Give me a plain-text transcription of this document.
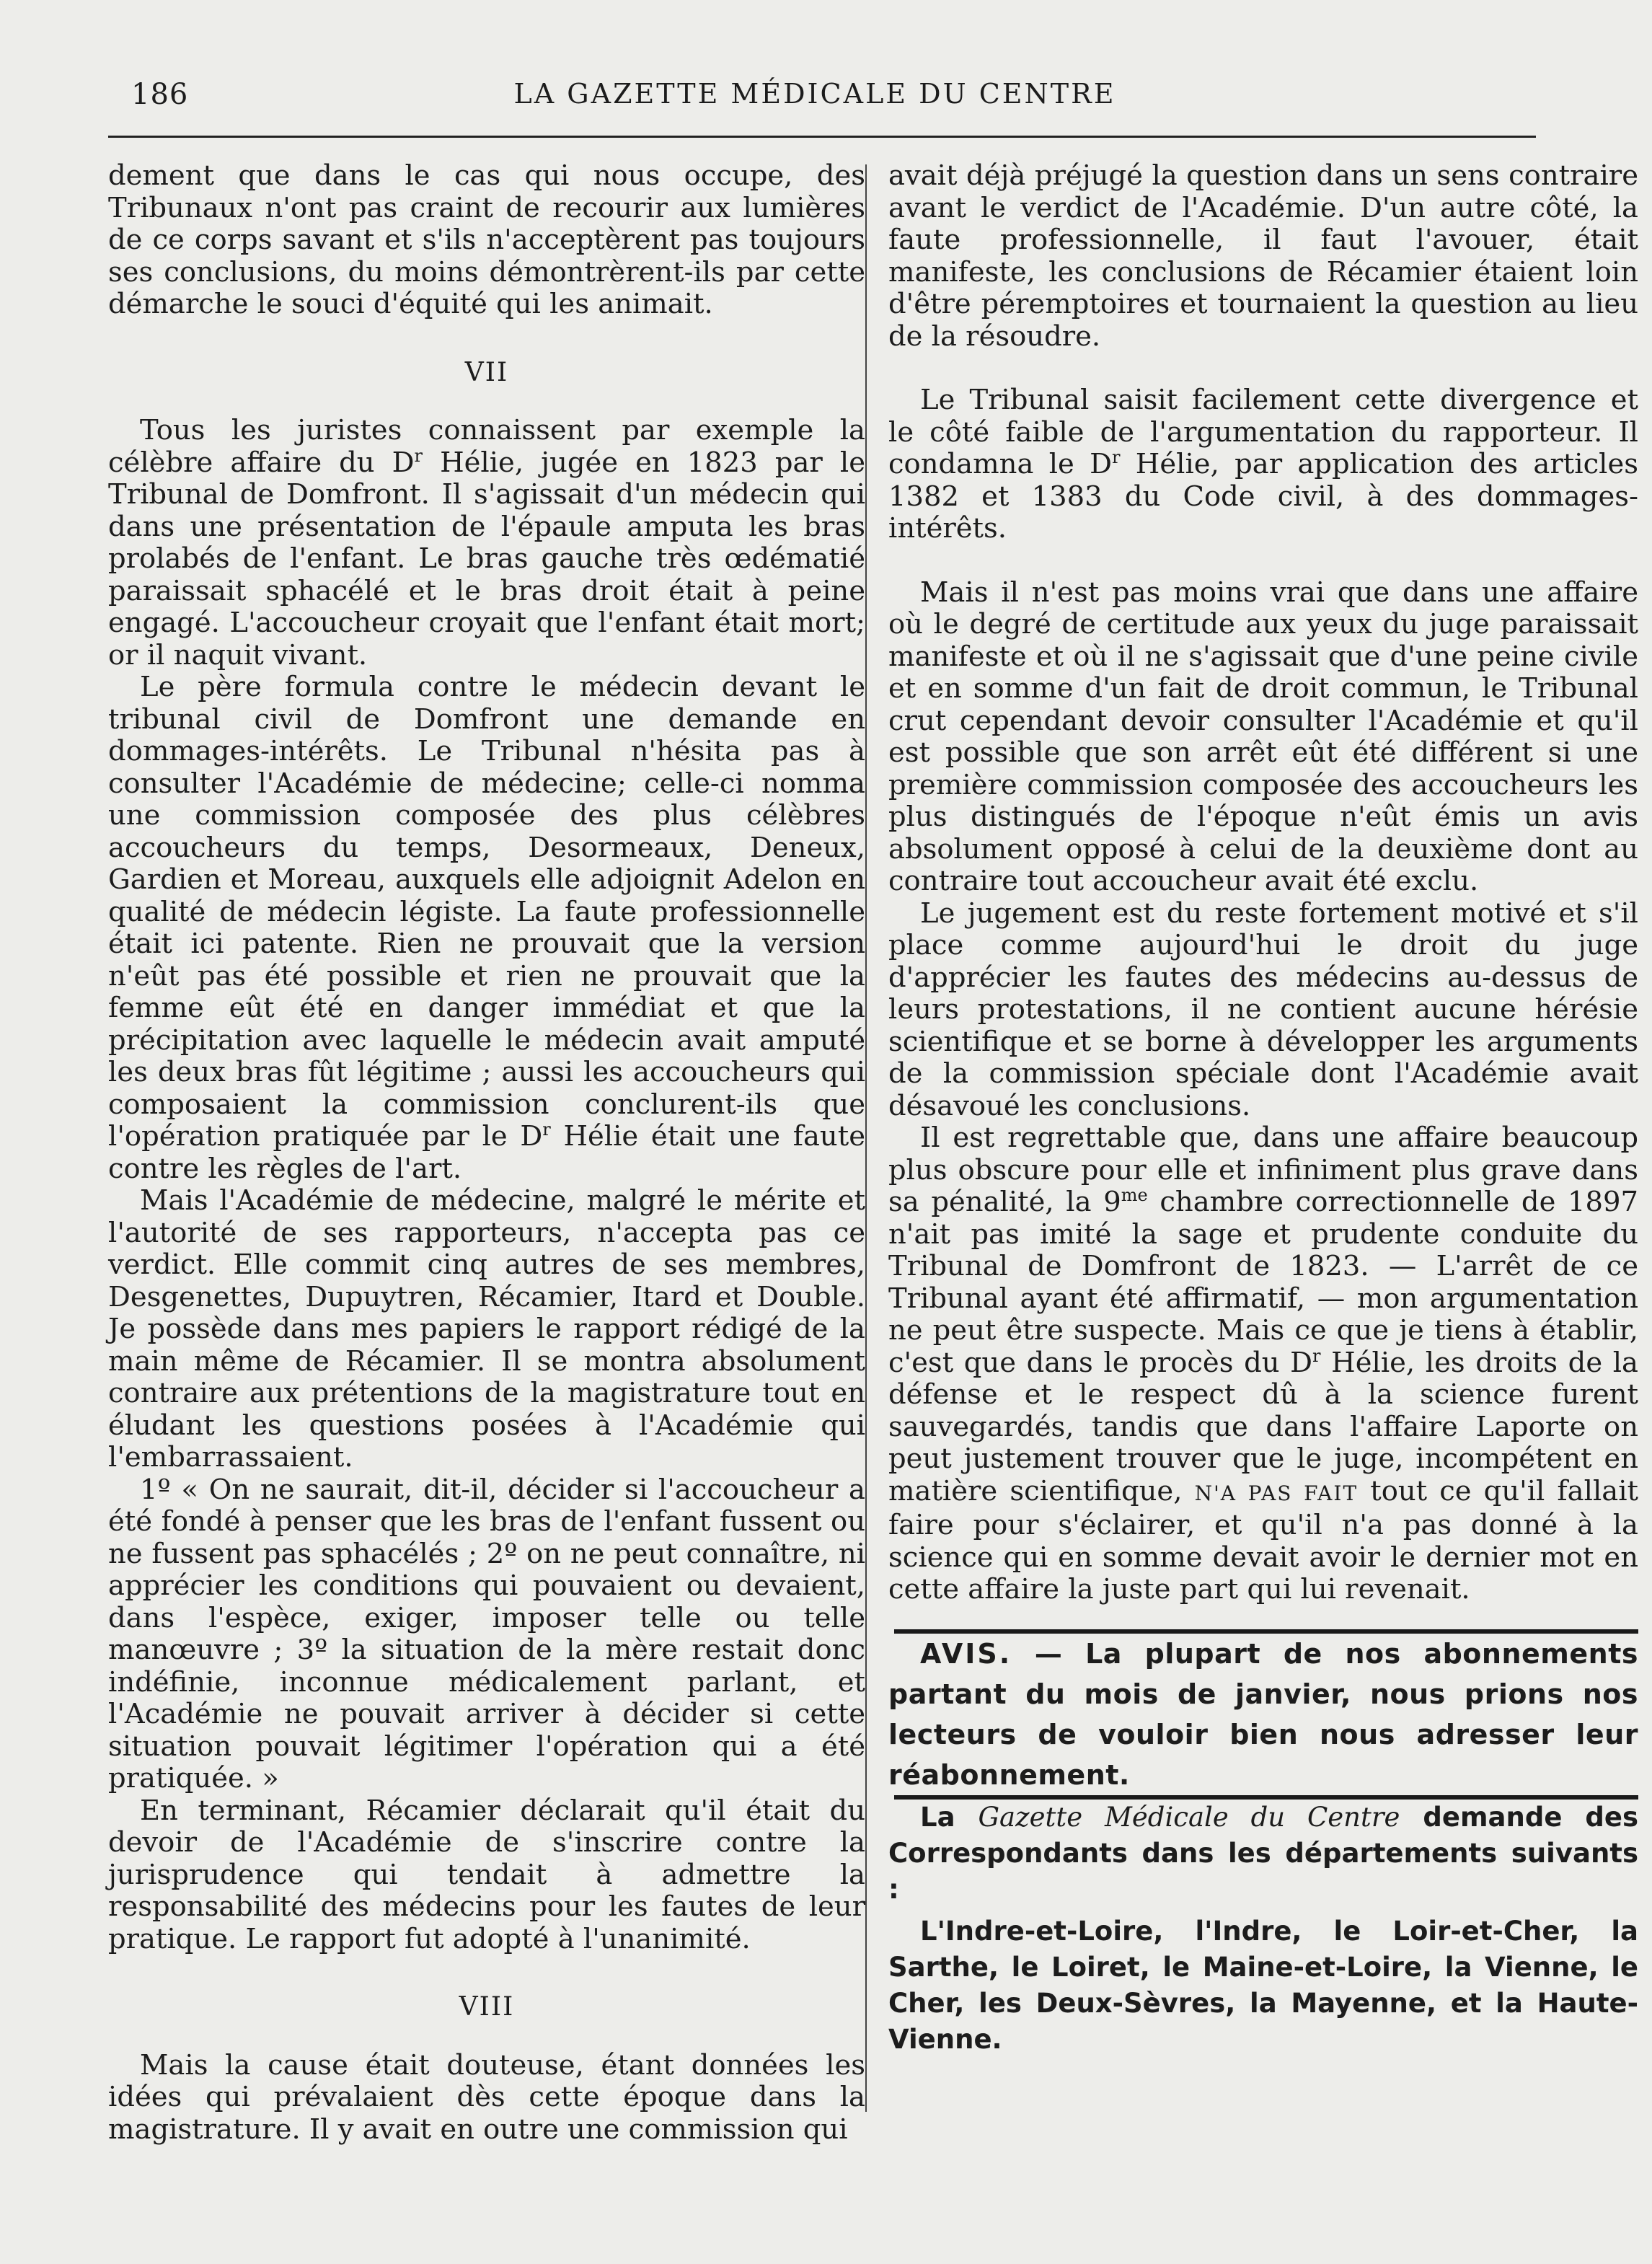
186	LA GAZETTE MÉDICALE DU CENTRE

dement que dans le cas qui nous occupe, des Tribunaux n'ont pas craint de recourir aux lumières de ce corps savant et s'ils n'acceptèrent pas toujours ses conclusions, du moins démontrèrent-ils par cette démarche le souci d'équité qui les animait.

VII

Tous les juristes connaissent par exemple la célèbre affaire du $D^r$ Hélie, jugée en 1823 par le Tribunal de Domfront. Il s'agissait d'un médecin qui dans une présentation de l'épaule amputa les bras prolabés de l'enfant. Le bras gauche très œdématié paraissait sphacélé et le bras droit était à peine engagé. L'accoucheur croyait que l'enfant était mort; or il naquit vivant.

Le père formula contre le médecin devant le tribunal civil de Domfront une demande en dommages-intérêts. Le Tribunal n'hésita pas à consulter l'Académie de médecine; celle-ci nomma une commission composée des plus célèbres accoucheurs du temps, Desormeaux, Deneux, Gardien et Moreau, auxquels elle adjoignit Adelon en qualité de médecin légiste. La faute professionnelle était ici patente. Rien ne prouvait que la version n'eût pas été possible et rien ne prouvait que la femme eût été en danger immédiat et que la précipitation avec laquelle le médecin avait amputé les deux bras fût légitime ; aussi les accoucheurs qui composaient la commission conclurent-ils que l'opération pratiquée par le $D^r$ Hélie était une faute contre les règles de l'art.

Mais l'Académie de médecine, malgré le mérite et l'autorité de ses rapporteurs, n'accepta pas ce verdict. Elle commit cinq autres de ses membres, Desgenettes, Dupuytren, Récamier, Itard et Double. Je possède dans mes papiers le rapport rédigé de la main même de Récamier. Il se montra absolument contraire aux prétentions de la magistrature tout en éludant les questions posées à l'Académie qui l'embarrassaient.

1º « On ne saurait, dit-il, décider si l'accoucheur a été fondé à penser que les bras de l'enfant fussent ou ne fussent pas sphacélés ; 2º on ne peut connaître, ni apprécier les conditions qui pouvaient ou devaient, dans l'espèce, exiger, imposer telle ou telle manœuvre ; 3º la situation de la mère restait donc indéfinie, inconnue médicalement parlant, et l'Académie ne pouvait arriver à décider si cette situation pouvait légitimer l'opération qui a été pratiquée. »

En terminant, Récamier déclarait qu'il était du devoir de l'Académie de s'inscrire contre la jurisprudence qui tendait à admettre la responsabilité des médecins pour les fautes de leur pratique. Le rapport fut adopté à l'unanimité.

VIII

Mais la cause était douteuse, étant données les idées qui prévalaient dès cette époque dans la magistrature. Il y avait en outre une commission qui

avait déjà préjugé la question dans un sens contraire avant le verdict de l'Académie. D'un autre côté, la faute professionnelle, il faut l'avouer, était manifeste, les conclusions de Récamier étaient loin d'être péremptoires et tournaient la question au lieu de la résoudre.

Le Tribunal saisit facilement cette divergence et le côté faible de l'argumentation du rapporteur. Il condamna le $D^r$ Hélie, par application des articles 1382 et 1383 du Code civil, à des dommages-intérêts.

Mais il n'est pas moins vrai que dans une affaire où le degré de certitude aux yeux du juge paraissait manifeste et où il ne s'agissait que d'une peine civile et en somme d'un fait de droit commun, le Tribunal crut cependant devoir consulter l'Académie et qu'il est possible que son arrêt eût été différent si une première commission composée des accoucheurs les plus distingués de l'époque n'eût émis un avis absolument opposé à celui de la deuxième dont au contraire tout accoucheur avait été exclu.

Le jugement est du reste fortement motivé et s'il place comme aujourd'hui le droit du juge d'apprécier les fautes des médecins au-dessus de leurs protestations, il ne contient aucune hérésie scientifique et se borne à développer les arguments de la commission spéciale dont l'Académie avait désavoué les conclusions.

Il est regrettable que, dans une affaire beaucoup plus obscure pour elle et infiniment plus grave dans sa pénalité, la $9^{me}$ chambre correctionnelle de 1897 n'ait pas imité la sage et prudente conduite du Tribunal de Domfront de 1823. — L'arrêt de ce Tribunal ayant été affirmatif, — mon argumentation ne peut être suspecte. Mais ce que je tiens à établir, c'est que dans le procès du $D^r$ Hélie, les droits de la défense et le respect dû à la science furent sauvegardés, tandis que dans l'affaire Laporte on peut justement trouver que le juge, incompétent en matière scientifique, N'A PAS FAIT tout ce qu'il fallait faire pour s'éclairer, et qu'il n'a pas donné à la science qui en somme devait avoir le dernier mot en cette affaire la juste part qui lui revenait.

AVIS. — La plupart de nos abonnements partant du mois de janvier, nous prions nos lecteurs de vouloir bien nous adresser leur réabonnement.

La Gazette Médicale du Centre demande des Correspondants dans les départements suivants :
L'Indre-et-Loire, l'Indre, le Loir-et-Cher, la Sarthe, le Loiret, le Maine-et-Loire, la Vienne, le Cher, les Deux-Sèvres, la Mayenne, et la Haute-Vienne.
